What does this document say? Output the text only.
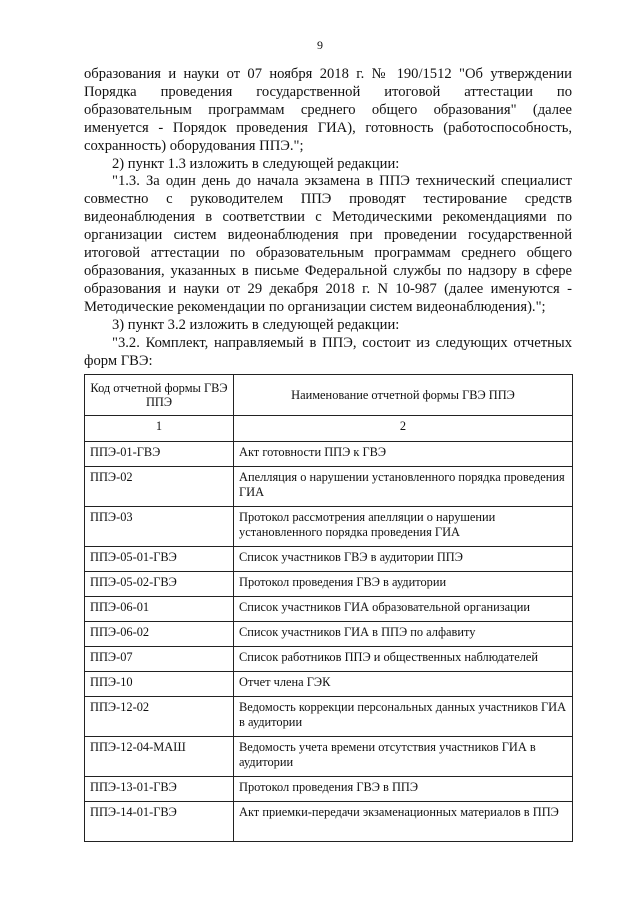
9

образования и науки от 07 ноября 2018 г. № 190/1512 "Об утверждении Порядка проведения государственной итоговой аттестации по образовательным программам среднего общего образования" (далее именуется - Порядок проведения ГИА), готовность (работоспособность, сохранность) оборудования ППЭ.";

2) пункт 1.3 изложить в следующей редакции:

"1.3. За один день до начала экзамена в ППЭ технический специалист совместно с руководителем ППЭ проводят тестирование средств видеонаблюдения в соответствии с Методическими рекомендациями по организации систем видеонаблюдения при проведении государственной итоговой аттестации по образовательным программам среднего общего образования, указанных в письме Федеральной службы по надзору в сфере образования и науки от 29 декабря 2018 г. N 10-987 (далее именуются - Методические рекомендации по организации систем видеонаблюдения).";

3) пункт 3.2 изложить в следующей редакции:

"3.2. Комплект, направляемый в ППЭ, состоит из следующих отчетных форм ГВЭ:

Код отчетной формы ГВЭ ППЭ	Наименование отчетной формы ГВЭ ППЭ
1	2
ППЭ-01-ГВЭ	Акт готовности ППЭ к ГВЭ
ППЭ-02	Апелляция о нарушении установленного порядка проведения ГИА
ППЭ-03	Протокол рассмотрения апелляции о нарушении установленного порядка проведения ГИА
ППЭ-05-01-ГВЭ	Список участников ГВЭ в аудитории ППЭ
ППЭ-05-02-ГВЭ	Протокол проведения ГВЭ в аудитории
ППЭ-06-01	Список участников ГИА образовательной организации
ППЭ-06-02	Список участников ГИА в ППЭ по алфавиту
ППЭ-07	Список работников ППЭ и общественных наблюдателей
ППЭ-10	Отчет члена ГЭК
ППЭ-12-02	Ведомость коррекции персональных данных участников ГИА в аудитории
ППЭ-12-04-МАШ	Ведомость учета времени отсутствия участников ГИА в аудитории
ППЭ-13-01-ГВЭ	Протокол проведения ГВЭ в ППЭ
ППЭ-14-01-ГВЭ	Акт приемки-передачи экзаменационных материалов в ППЭ
